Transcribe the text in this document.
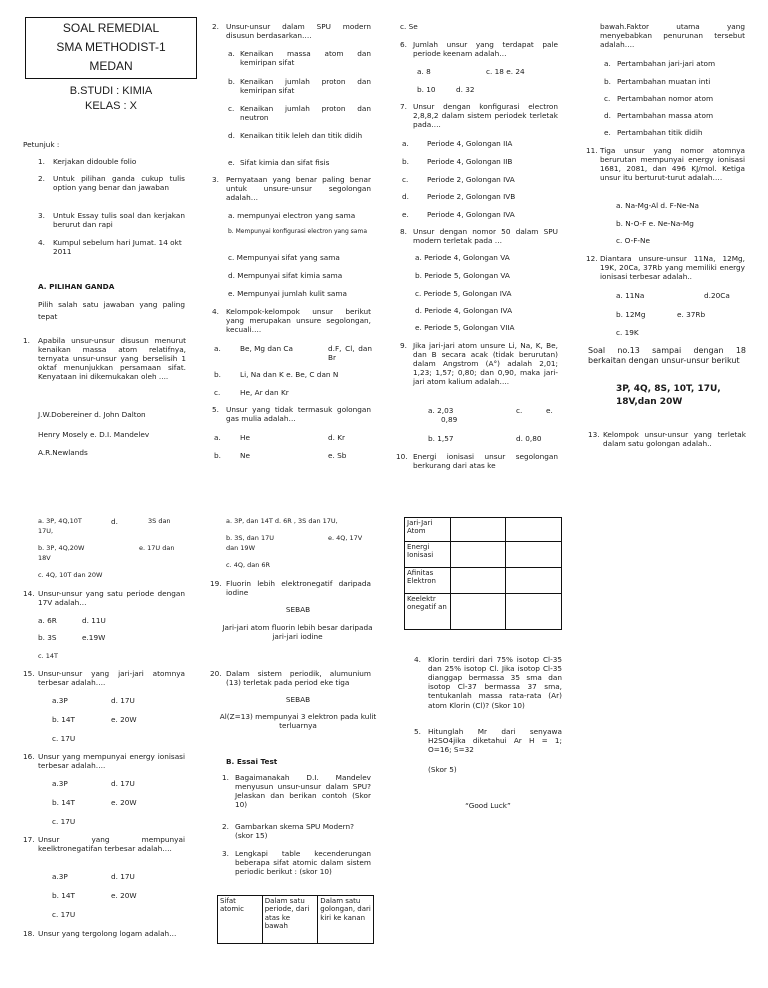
SOAL REMEDIAL
SMA METHODIST-1
MEDAN
B.STUDI : KIMIA
KELAS : X
Petunjuk :
1. Kerjakan didouble folio
2. Untuk pilihan ganda cukup tulis option yang benar dan jawaban
3. Untuk Essay tulis soal dan kerjakan berurut dan rapi
4. Kumpul sebelum hari Jumat. 14 okt 2011
A. PILIHAN GANDA
Pilih salah satu jawaban yang paling tepat
1. Apabila unsur-unsur disusun menurut kenaikan massa atom relatifnya, ternyata unsur-unsur yang berselisih 1 oktaf menunjukkan persamaan sifat. Kenyataan ini dikemukakan oleh ....
J.W.Dobereiner d. John Dalton
Henry Mosely e. D.I. Mandelev
A.R.Newlands
2. Unsur-unsur dalam SPU modern disusun berdasarkan….
a. Kenaikan massa atom dan kemiripan sifat
b. Kenaikan jumlah proton dan kemiripan sifat
c. Kenaikan jumlah proton dan neutron
d. Kenaikan titik leleh dan titik didih
e. Sifat kimia dan sifat fisis
3. Pernyataan yang benar paling benar untuk unsure-unsur segolongan adalah…
a. mempunyai electron yang sama
b. Mempunyai konfigurasi electron yang sama
c. Mempunyai sifat yang sama
d. Mempunyai sifat kimia sama
e. Mempunyai jumlah kulit sama
4. Kelompok-kelompok unsur berikut yang merupakan unsure segolongan, kecuali….
a.	Be, Mg dan Ca	d.F, Cl, dan Br
b.	Li, Na dan K e. Be, C dan N
c.	He, Ar dan Kr
5. Unsur yang tidak termasuk golongan gas mulia adalah…
a.	He	d. Kr
b.	Ne	e. Sb
c. Se
6. Jumlah unsur yang terdapat pale periode keenam adalah…
a. 8	c. 18 e. 24
b. 10	d. 32
7. Unsur dengan konfigurasi electron 2,8,8,2 dalam sistem periodek terletak pada….
a. Periode 4, Golongan IIA
b. Periode 4, Golongan IIB
c.	Periode 2, Golongan IVA
d. Periode 2, Golongan IVB
e. Periode 4, Golongan IVA
8. Unsur dengan nomor 50 dalam SPU modern terletak pada …
a. Periode 4, Golongan VA
b. Periode 5, Golongan VA
c. Periode 5, Golongan IVA
d. Periode 4, Golongan IVA
e. Periode 5, Golongan VIIA
9. Jika jari-jari atom unsure Li, Na, K, Be, dan B secara acak (tidak berurutan) dalam Angstrom (A°) adalah 2,01; 1,23; 1,57; 0,80; dan 0,90, maka jari-jari atom kalium adalah….
a. 2,03	c.	e.
0,89
b. 1,57	d. 0,80
10. Energi ionisasi unsur segolongan berkurang dari atas ke
bawah.Faktor utama yang menyebabkan penurunan tersebut adalah….
a. Pertambahan jari-jari atom
b. Pertambahan muatan inti
c. Pertambahan nomor atom
d. Pertambahan massa atom
e. Pertambahan titik didih
11. Tiga unsur yang nomor atomnya berurutan mempunyai energy ionisasi 1681, 2081, dan 496 KJ/mol. Ketiga unsur itu berturut-turut adalah….
a. Na-Mg-Al d. F-Ne-Na
b. N-O-F e. Ne-Na-Mg
c. O-F-Ne
12. Diantara unsure-unsur 11Na, 12Mg, 19K, 20Ca, 37Rb yang memiliki energy ionisasi terbesar adalah..
a. 11Na	d.20Ca
b. 12Mg	e. 37Rb
c. 19K
Soal no.13 sampai dengan 18 berkaitan dengan unsur-unsur berikut
3P, 4Q, 8S, 10T, 17U, 18V,dan 20W
13. Kelompok unsur-unsur yang terletak dalam satu golongan adalah..
a. 3P, 4Q,10T	d.	3S dan
17U,
b. 3P, 4Q,20W	e. 17U dan
18V
c. 4Q, 10T dan 20W
14. Unsur-unsur yang satu periode dengan 17V adalah…
a. 6R	d. 11U
b. 3S	e.19W
c. 14T
15. Unsur-unsur yang jari-jari atomnya terbesar adalah….
a.3P	d. 17U
b. 14T	e. 20W
c. 17U
16. Unsur yang mempunyai energy ionisasi terbesar adalah….
a.3P	d. 17U
b. 14T	e. 20W
c. 17U
17. Unsur yang mempunyai keelktronegatifan terbesar adalah….
a.3P	d. 17U
b. 14T	e. 20W
c. 17U
18. Unsur yang tergolong logam adalah…
a. 3P, dan 14T d. 6R , 3S dan 17U,
b. 3S, dan 17U	e. 4Q, 17V
dan 19W
c. 4Q, dan 6R
19. Fluorin lebih elektronegatif daripada iodine
SEBAB
Jari-jari atom fluorin lebih besar daripada jari-jari iodine
20. Dalam sistem periodik, alumunium (13) terletak pada period eke tiga
SEBAB
Al(Z=13) mempunyai 3 elektron pada kulit terluarnya
B. Essai Test
1. Bagaimanakah D.I. Mandelev menyusun unsur-unsur dalam SPU? Jelaskan dan berikan contoh (Skor 10)
2. Gambarkan skema SPU Modern? (skor 15)
3. Lengkapi table kecenderungan beberapa sifat atomic dalam sistem periodic berikut : (skor 10)
Sifat atomic	Dalam satu periode, dari atas ke bawah	Dalam satu golongan, dari kiri ke kanan
Jari-Jari Atom		
Energi Ionisasi		
Afinitas Elektron		
Keelektr onegatif an		
4. Klorin terdiri dari 75% isotop Cl-35 dan 25% isotop Cl. Jika isotop Cl-35 dianggap bermassa 35 sma dan isotop Cl-37 bermassa 37 sma, tentukanlah massa rata-rata (Ar) atom Klorin (Cl)? (Skor 10)
5. Hitunglah Mr dari senyawa H2SO4jika diketahui Ar H = 1; O=16; S=32
(Skor 5)
“Good Luck”
